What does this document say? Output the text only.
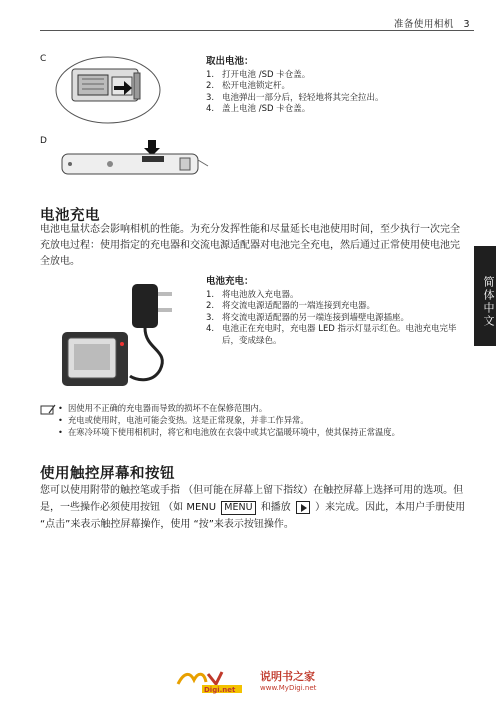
准备使用相机 3
C
D
取出电池：
1. 打开电池 /SD 卡仓盖。
2. 松开电池锁定杆。
3. 电池弹出一部分后，轻轻地将其完全拉出。
4. 盖上电池 /SD 卡仓盖。
电池充电
电池电量状态会影响相机的性能。为充分发挥性能和尽量延长电池使用时间，至少执行一次完全充放电过程：使用指定的充电器和交流电源适配器对电池完全充电，然后通过正常使用使电池完全放电。
简体中文
电池充电：
1. 将电池放入充电器。
2. 将交流电源适配器的一端连接到充电器。
3. 将交流电源适配器的另一端连接到墙壁电源插座。
4. 电池正在充电时，充电器 LED 指示灯显示红色。电池充电完毕后，变成绿色。
• 因使用不正确的充电器而导致的损坏不在保修范围内。
• 充电或使用时，电池可能会变热。这是正常现象，并非工作异常。
• 在寒冷环境下使用相机时，将它和电池放在衣袋中或其它温暖环境中，使其保持正常温度。
使用触控屏幕和按钮
您可以使用附带的触控笔或手指 （但可能在屏幕上留下指纹）在触控屏幕上选择可用的选项。但是，一些操作必须使用按钮 （如 MENU MENU 和播放 ）来完成。因此，本用户手册使用 “点击”来表示触控屏幕操作，使用 “按”来表示按钮操作。
Digi.net
说明书之家
www.MyDigi.net
